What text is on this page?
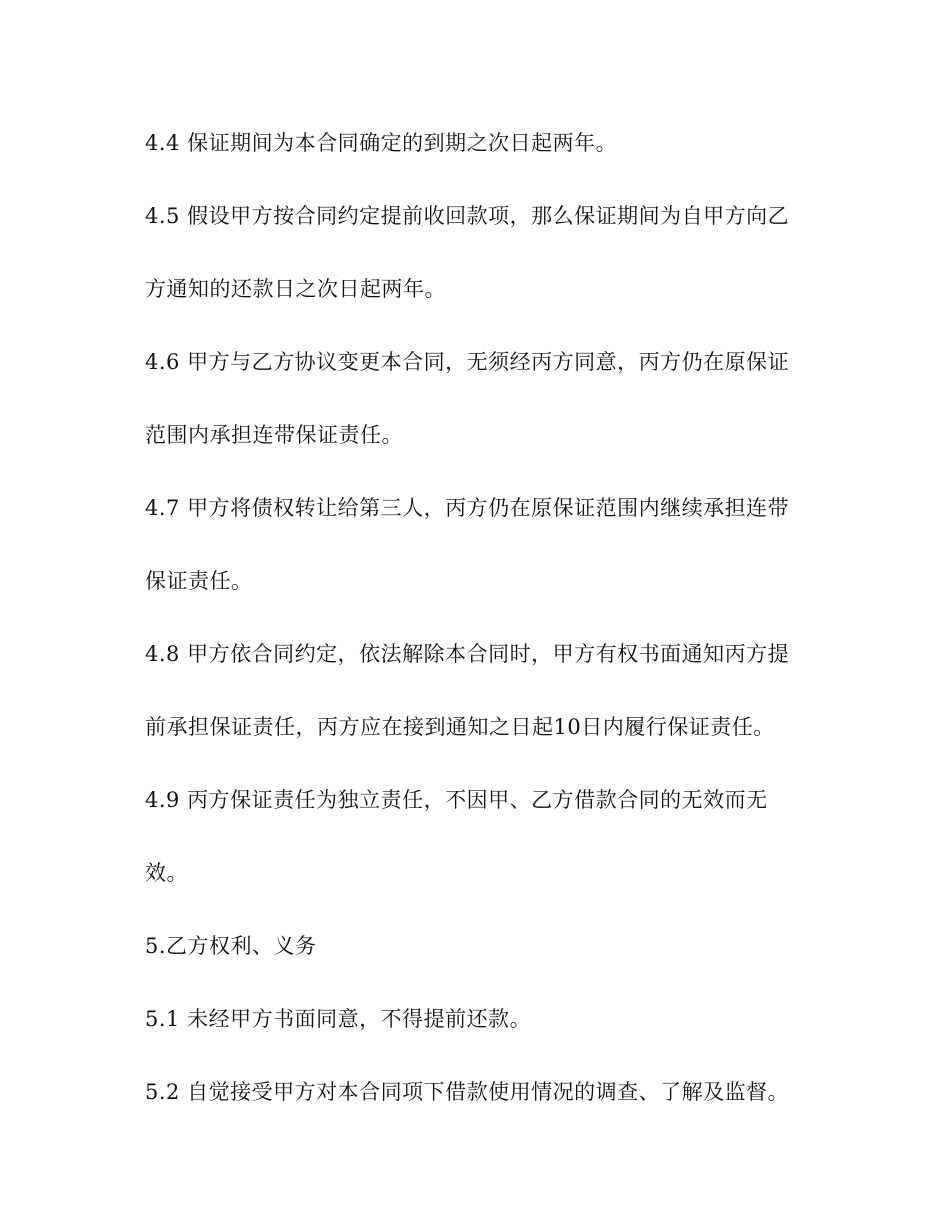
4.4 保证期间为本合同确定的到期之次日起两年。

4.5 假设甲方按合同约定提前收回款项，那么保证期间为自甲方向乙

方通知的还款日之次日起两年。

4.6 甲方与乙方协议变更本合同，无须经丙方同意，丙方仍在原保证

范围内承担连带保证责任。

4.7 甲方将债权转让给第三人，丙方仍在原保证范围内继续承担连带

保证责任。

4.8 甲方依合同约定，依法解除本合同时，甲方有权书面通知丙方提

前承担保证责任，丙方应在接到通知之日起10日内履行保证责任。

4.9 丙方保证责任为独立责任，不因甲、乙方借款合同的无效而无

效。

5.乙方权利、义务

5.1 未经甲方书面同意，不得提前还款。

5.2 自觉接受甲方对本合同项下借款使用情况的调查、了解及监督。
